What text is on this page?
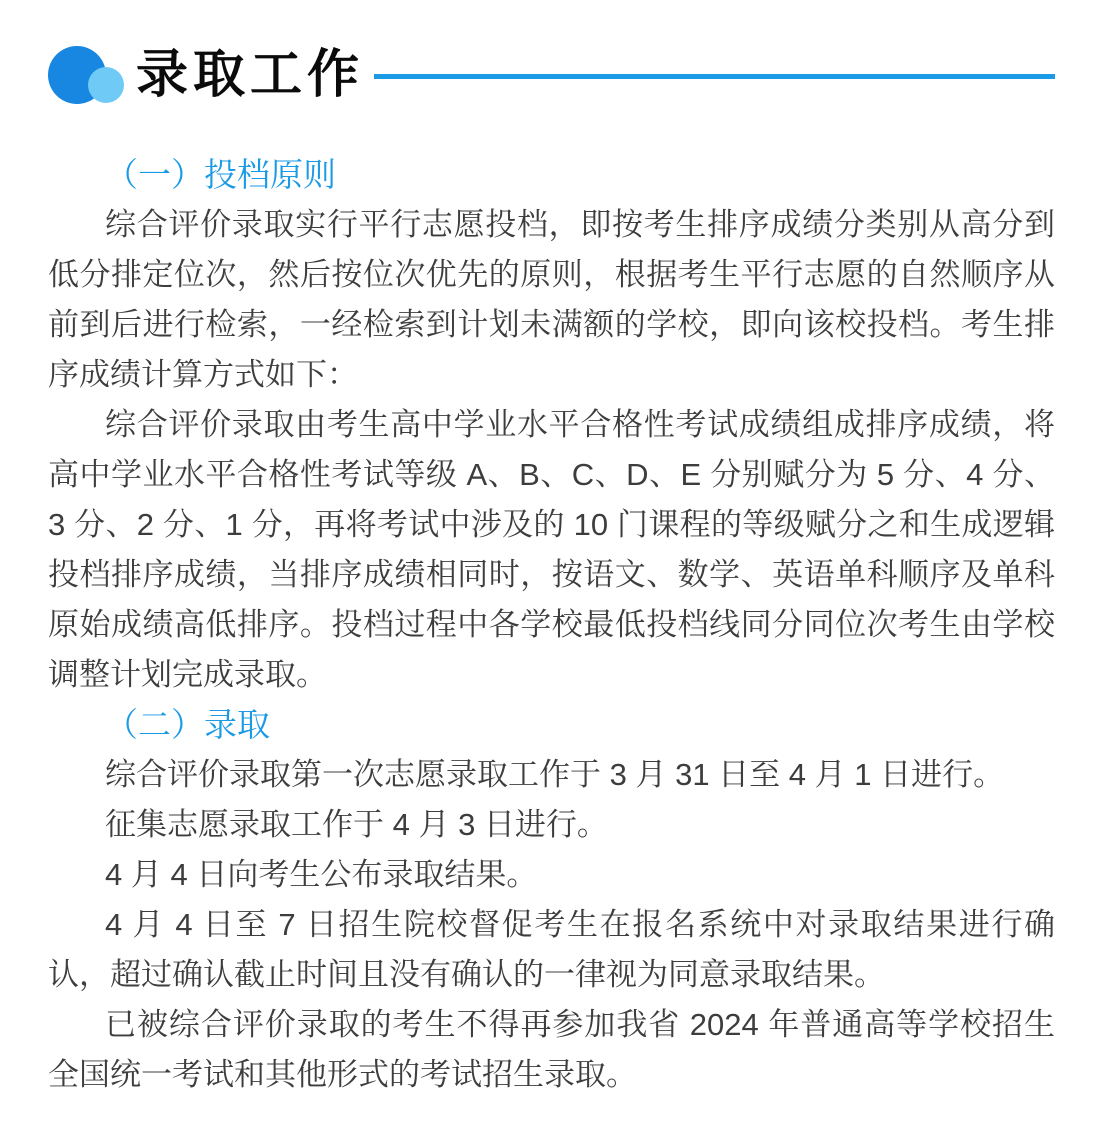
录取工作
（一）投档原则

综合评价录取实行平行志愿投档，即按考生排序成绩分类别从高分到低分排定位次，然后按位次优先的原则，根据考生平行志愿的自然顺序从前到后进行检索，一经检索到计划未满额的学校，即向该校投档。考生排序成绩计算方式如下：

综合评价录取由考生高中学业水平合格性考试成绩组成排序成绩，将高中学业水平合格性考试等级 A、B、C、D、E 分别赋分为 5 分、4 分、3 分、2 分、1 分，再将考试中涉及的 10 门课程的等级赋分之和生成逻辑投档排序成绩，当排序成绩相同时，按语文、数学、英语单科顺序及单科原始成绩高低排序。投档过程中各学校最低投档线同分同位次考生由学校调整计划完成录取。

（二）录取

综合评价录取第一次志愿录取工作于 3 月 31 日至 4 月 1 日进行。

征集志愿录取工作于 4 月 3 日进行。

4 月 4 日向考生公布录取结果。

4 月 4 日至 7 日招生院校督促考生在报名系统中对录取结果进行确认，超过确认截止时间且没有确认的一律视为同意录取结果。

已被综合评价录取的考生不得再参加我省 2024 年普通高等学校招生全国统一考试和其他形式的考试招生录取。
